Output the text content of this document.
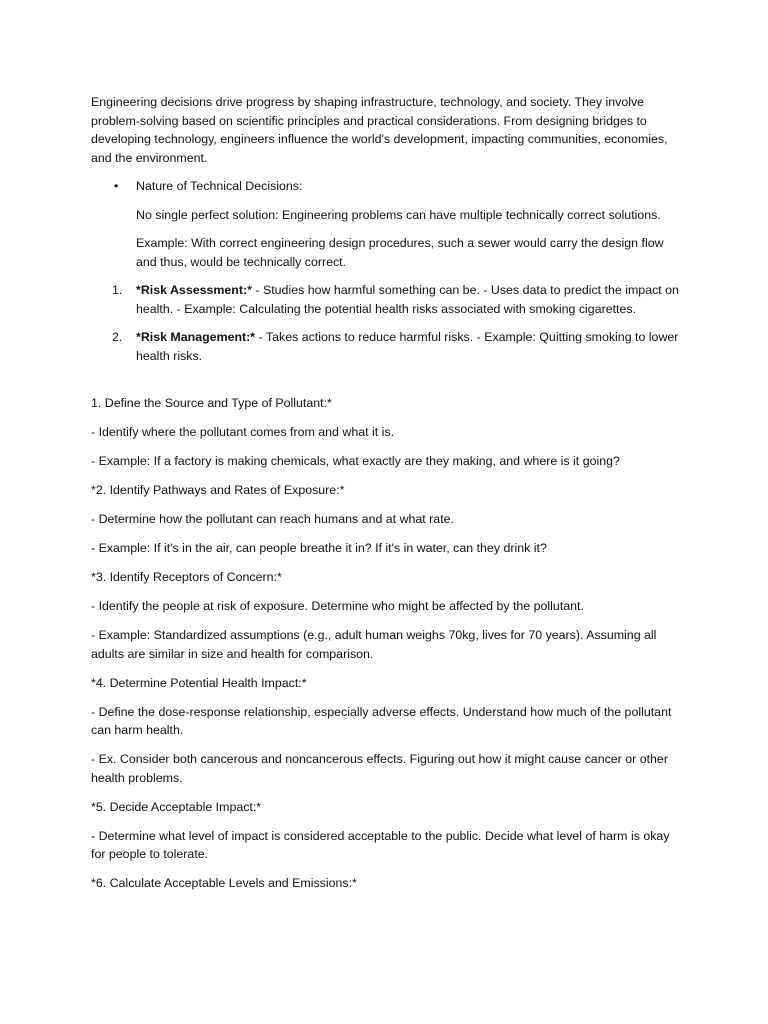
Engineering decisions drive progress by shaping infrastructure, technology, and society. They involve problem-solving based on scientific principles and practical considerations. From designing bridges to developing technology, engineers influence the world's development, impacting communities, economies, and the environment.

• Nature of Technical Decisions:

No single perfect solution: Engineering problems can have multiple technically correct solutions.

Example: With correct engineering design procedures, such a sewer would carry the design flow and thus, would be technically correct.

1. *Risk Assessment:* - Studies how harmful something can be. - Uses data to predict the impact on health. - Example: Calculating the potential health risks associated with smoking cigarettes.
2. *Risk Management:* - Takes actions to reduce harmful risks. - Example: Quitting smoking to lower health risks.

1. Define the Source and Type of Pollutant:*

- Identify where the pollutant comes from and what it is.

- Example: If a factory is making chemicals, what exactly are they making, and where is it going?

*2. Identify Pathways and Rates of Exposure:*

- Determine how the pollutant can reach humans and at what rate.

- Example: If it's in the air, can people breathe it in? If it's in water, can they drink it?

*3. Identify Receptors of Concern:*

- Identify the people at risk of exposure. Determine who might be affected by the pollutant.

- Example: Standardized assumptions (e.g., adult human weighs 70kg, lives for 70 years). Assuming all adults are similar in size and health for comparison.

*4. Determine Potential Health Impact:*

- Define the dose-response relationship, especially adverse effects. Understand how much of the pollutant can harm health.

- Ex. Consider both cancerous and noncancerous effects. Figuring out how it might cause cancer or other health problems.

*5. Decide Acceptable Impact:*

- Determine what level of impact is considered acceptable to the public. Decide what level of harm is okay for people to tolerate.

*6. Calculate Acceptable Levels and Emissions:*
